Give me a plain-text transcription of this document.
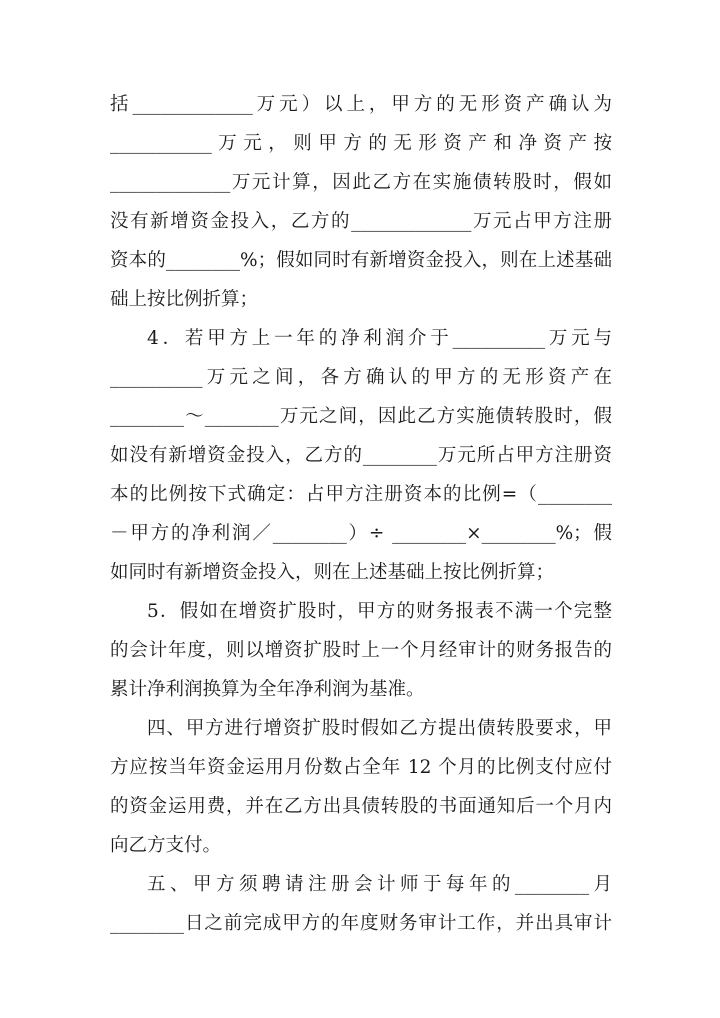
括_____________万元）以上，甲方的无形资产确认为
___________万元，则甲方的无形资产和净资产按
_____________万元计算，因此乙方在实施债转股时，假如
没有新增资金投入，乙方的_____________万元占甲方注册
资本的________%；假如同时有新增资金投入，则在上述基础
础上按比例折算；
4．若甲方上一年的净利润介于__________万元与
__________万元之间，各方确认的甲方的无形资产在
________～________万元之间，因此乙方实施债转股时，假
如没有新增资金投入，乙方的________万元所占甲方注册资
本的比例按下式确定：占甲方注册资本的比例=（________
－甲方的净利润／________）÷ ________×________%；假
如同时有新增资金投入，则在上述基础上按比例折算；
5．假如在增资扩股时，甲方的财务报表不满一个完整
的会计年度，则以增资扩股时上一个月经审计的财务报告的
累计净利润换算为全年净利润为基准。
四、甲方进行增资扩股时假如乙方提出债转股要求，甲
方应按当年资金运用月份数占全年 12 个月的比例支付应付
的资金运用费，并在乙方出具债转股的书面通知后一个月内
向乙方支付。
五、甲方须聘请注册会计师于每年的________月
________日之前完成甲方的年度财务审计工作，并出具审计
